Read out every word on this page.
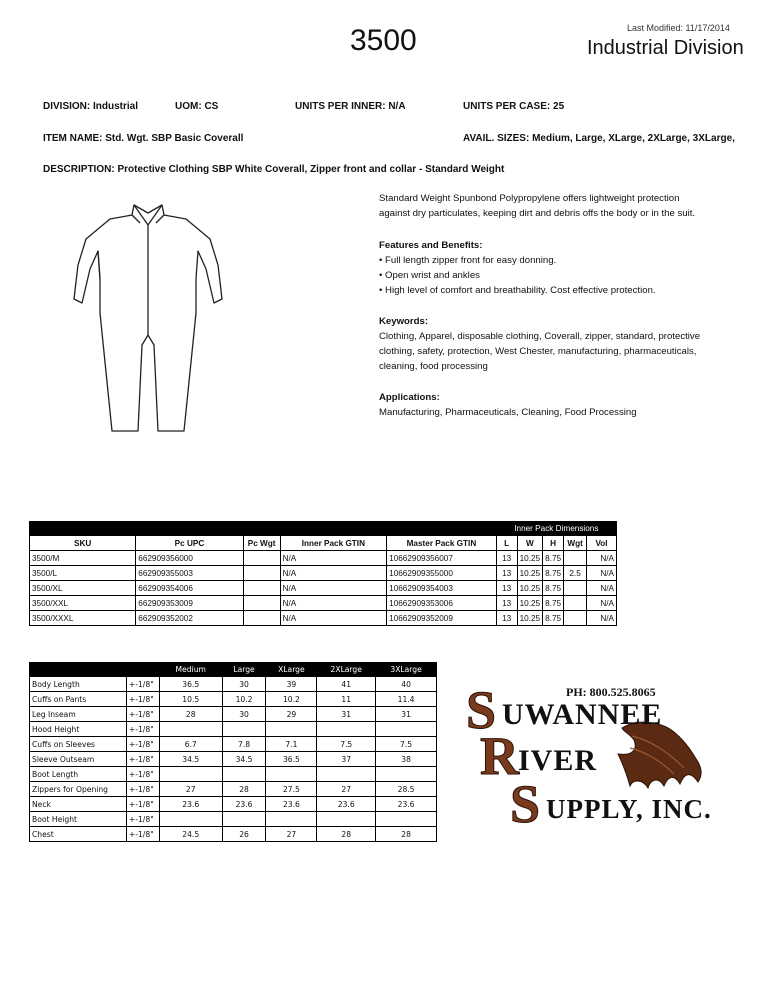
3500	Last Modified: 11/17/2014
Industrial Division
DIVISION: Industrial	UOM: CS	UNITS PER INNER: N/A	UNITS PER CASE: 25
ITEM NAME: Std. Wgt. SBP Basic Coverall	AVAIL. SIZES: Medium, Large, XLarge, 2XLarge, 3XLarge,
DESCRIPTION: Protective Clothing SBP White Coverall, Zipper front and collar - Standard Weight
Standard Weight Spunbond Polypropylene offers lightweight protection
against dry particulates, keeping dirt and debris offs the body or in the suit.
Features and Benefits:
• Full length zipper front for easy donning.
• Open wrist and ankles
• High level of comfort and breathability. Cost effective protection.
Keywords:
Clothing, Apparel, disposable clothing, Coverall, zipper, standard, protective
clothing, safety, protection, West Chester, manufacturing, pharmaceuticals,
cleaning, food processing
Applications:
Manufacturing, Pharmaceuticals, Cleaning, Food Processing
					Inner Pack Dimensions				
SKU	Pc UPC	Pc Wgt	Inner Pack GTIN	Master Pack GTIN	L	W	H	Wgt	Vol
3500/M	662909356000		N/A	10662909356007	13	10.25	8.75		N/A
3500/L	662909355003		N/A	10662909355000	13	10.25	8.75	2.5	N/A
3500/XL	662909354006		N/A	10662909354003	13	10.25	8.75		N/A
3500/XXL	662909353009		N/A	10662909353006	13	10.25	8.75		N/A
3500/XXXL	662909352002		N/A	10662909352009	13	10.25	8.75		N/A
		Medium	Large	XLarge	2XLarge	3XLarge
Body Length	+-1/8"	36.5	30	39	41	40
Cuffs on Pants	+-1/8"	10.5	10.2	10.2	11	11.4
Leg Inseam	+-1/8"	28	30	29	31	31
Hood Height	+-1/8"					
Cuffs on Sleeves	+-1/8"	6.7	7.8	7.1	7.5	7.5
Sleeve Outseam	+-1/8"	34.5	34.5	36.5	37	38
Boot Length	+-1/8"					
Zippers for Opening	+-1/8"	27	28	27.5	27	28.5
Neck	+-1/8"	23.6	23.6	23.6	23.6	23.6
Boot Height	+-1/8"					
Chest	+-1/8"	24.5	26	27	28	28
PH: 800.525.8065
S UWANNEE
R IVER
S UPPLY, INC.
